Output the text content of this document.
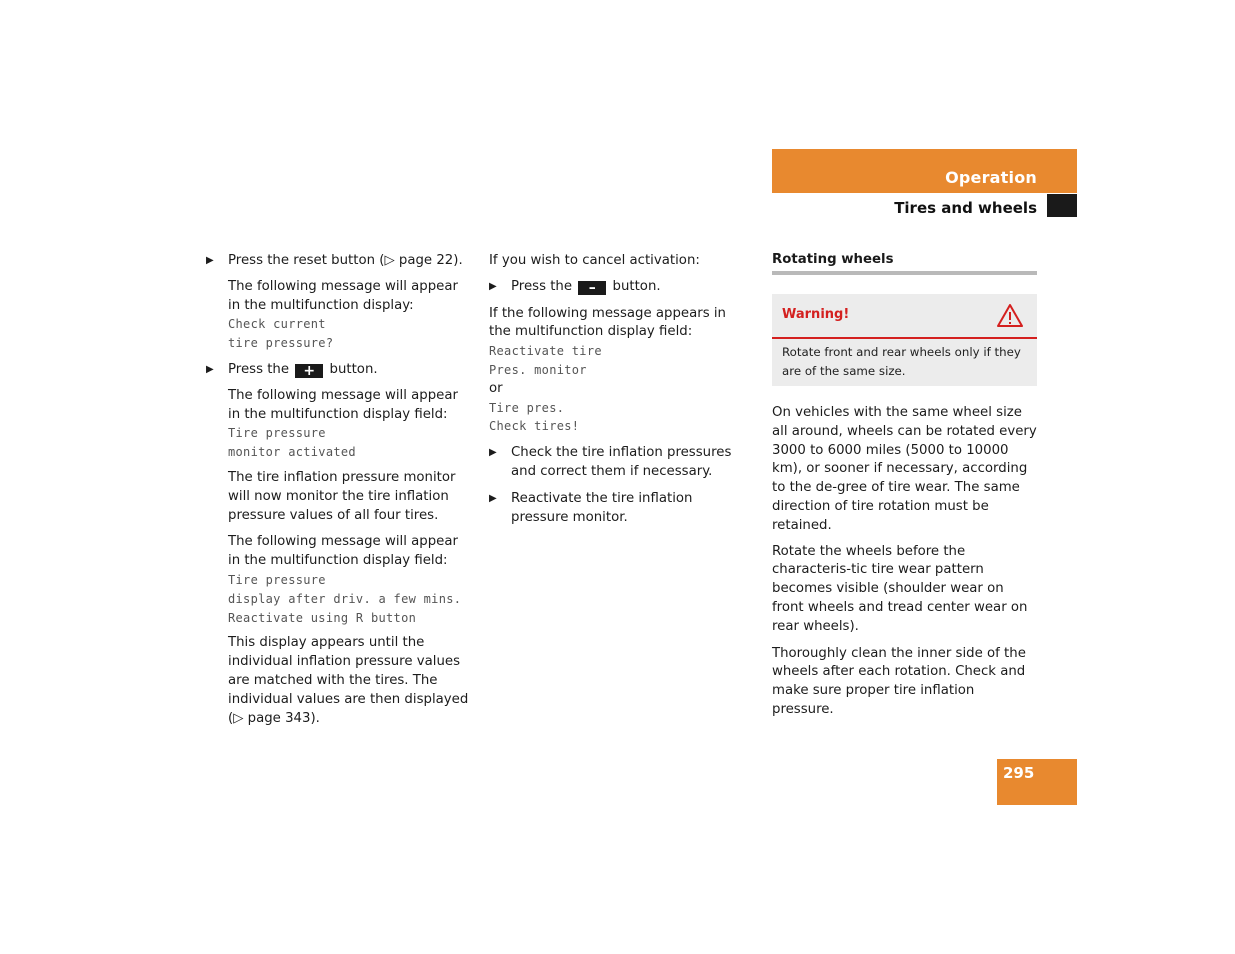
Operation
Tires and wheels

▶ Press the reset button (▷ page 22).

The following message will appear in the multifunction display:

Check current

tire pressure?

▶ Press the + button.

The following message will appear in the multifunction display field:

Tire pressure

monitor activated

The tire inflation pressure monitor will now monitor the tire inflation pressure values of all four tires.

The following message will appear in the multifunction display field:

Tire pressure

display after driv. a few mins.

Reactivate using R button

This display appears until the individual inflation pressure values are matched with the tires. The individual values are then displayed (▷ page 343).

If you wish to cancel activation:

▶ Press the – button.

If the following message appears in the multifunction display field:

Reactivate tire

Pres. monitor

or

Tire pres.

Check tires!

▶ Check the tire inflation pressures and correct them if necessary.

▶ Reactivate the tire inflation pressure monitor.

Rotating wheels
Warning!
Rotate front and rear wheels only if they are of the same size.

On vehicles with the same wheel size all around, wheels can be rotated every 3000 to 6000 miles (5000 to 10000 km), or sooner if necessary, according to the de-gree of tire wear. The same direction of tire rotation must be retained.

Rotate the wheels before the characteris-tic tire wear pattern becomes visible (shoulder wear on front wheels and tread center wear on rear wheels).

Thoroughly clean the inner side of the wheels after each rotation. Check and make sure proper tire inflation pressure.

295
